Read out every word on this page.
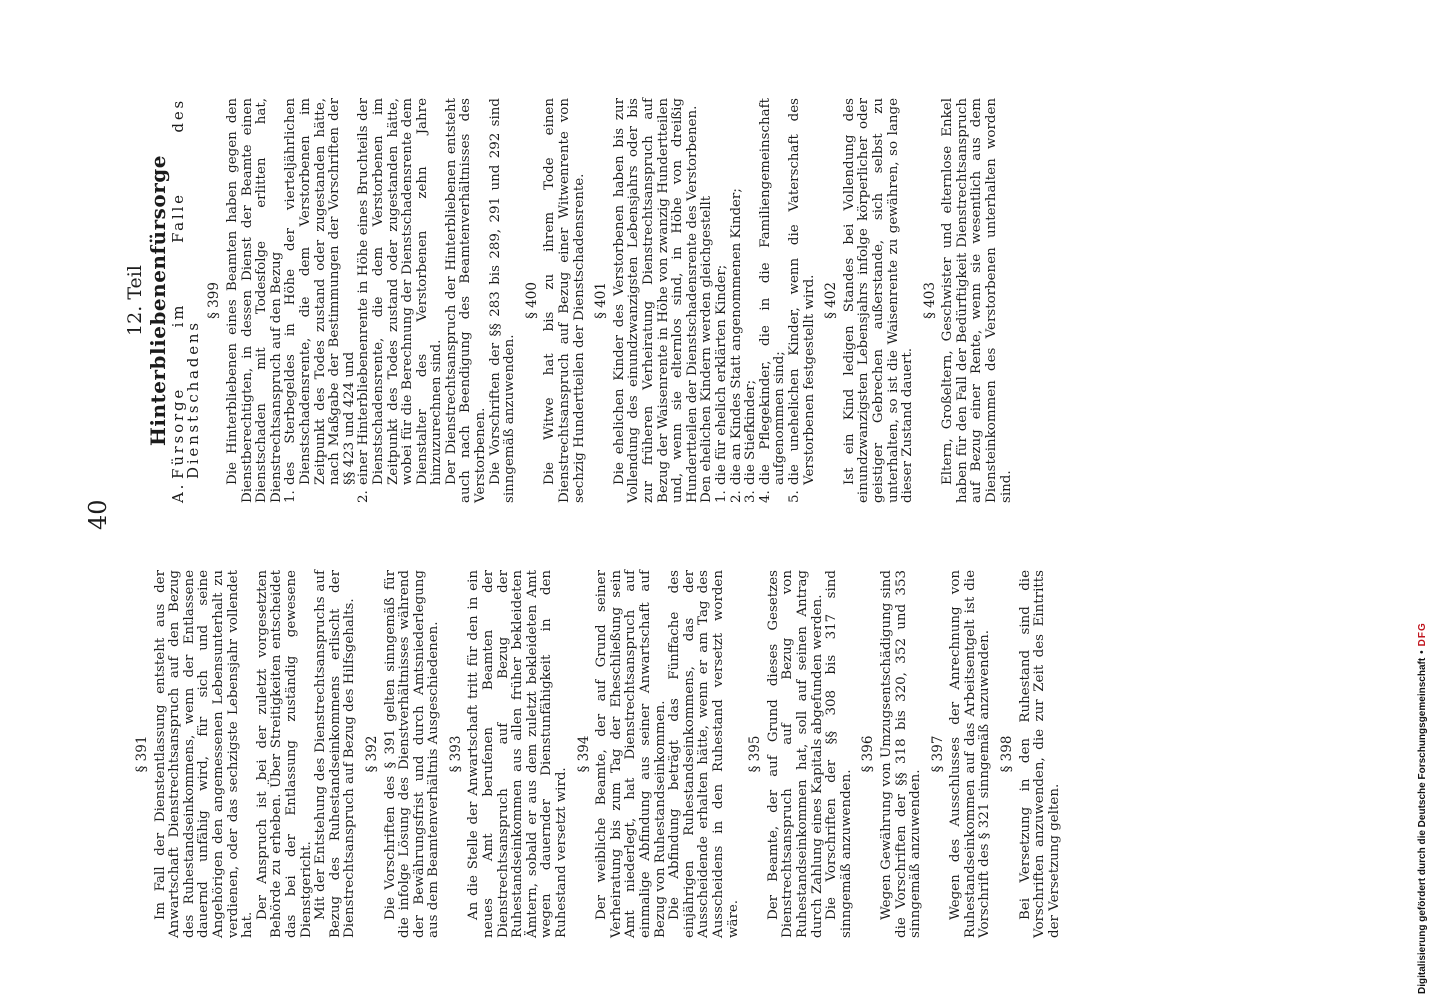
40
§ 391 Im Fall der Dienstentlassung entsteht aus der Anwartschaft Dienstrechtsanspruch auf den Bezug des Ruhestandseinkommens, wenn der Entlassene dauernd unfähig wird, für sich und seine Angehörigen den angemessenen Lebensunterhalt zu verdienen, oder das sechzigste Lebensjahr vollendet hat.

Der Anspruch ist bei der zuletzt vorgesetzten Behörde zu erheben. Über Streitigkeiten entscheidet das bei der Entlassung zuständig gewesene Dienstgericht. Mit der Entstehung des Dienstrechtsanspruchs auf Bezug des Ruhestandseinkommens erlischt der Dienstrechtsanspruch auf Bezug des Hilfsgehalts. § 392 Die Vorschriften des § 391 gelten sinngemäß für die infolge Lösung des Dienstverhältnisses während der Bewährungsfrist und durch Amtsniederlegung aus dem Beamtenverhältnis Ausgeschiedenen. § 393 An die Stelle der Anwartschaft tritt für den in ein neues Amt berufenen Beamten der Dienstrechtsanspruch auf Bezug der Ruhestandseinkommen aus allen früher bekleideten Ämtern, sobald er aus dem zuletzt bekleideten Amt wegen dauernder Dienstunfähigkeit in den Ruhestand versetzt wird.

§ 394 Der weibliche Beamte, der auf Grund seiner Verheiratung bis zum Tag der Eheschließung sein Amt niederlegt, hat Dienstrechtsanspruch auf einmalige Abfindung aus seiner Anwartschaft auf Bezug von Ruhestandseinkommen. Die Abfindung beträgt das Fünffache des einjährigen Ruhestandseinkommens, das der Ausscheidende erhalten hätte, wenn er am Tag des Ausscheidens in den Ruhestand versetzt worden wäre.

§ 395 Der Beamte, der auf Grund dieses Gesetzes Dienstrechtsanspruch auf Bezug von Ruhestandseinkommen hat, soll auf seinen Antrag durch Zahlung eines Kapitals abgefunden werden. Die Vorschriften der §§ 308 bis 317 sind sinngemäß anzuwenden.

§ 396 Wegen Gewährung von Umzugsentschädigung sind die Vorschriften der §§ 318 bis 320, 352 und 353 sinngemäß anzuwenden.

§ 397 Wegen des Ausschlusses der Anrechnung von Ruhestandseinkommen auf das Arbeitsentgelt ist die Vorschrift des § 321 sinngemäß anzuwenden. § 398 Bei Versetzung in den Ruhestand sind die Vorschriften anzuwenden, die zur Zeit des Eintritts der Versetzung gelten.

12. Teil Hinterbliebenenfürsorge
A.
Fürsorge im Falle des Dienstschadens
§ 399 Die Hinterbliebenen eines Beamten haben gegen den Dienstberechtigten, in dessen Dienst der Beamte einen Dienstschaden mit Todesfolge erlitten hat, Dienstrechtsanspruch auf den Bezug 1.
des Sterbegeldes in Höhe der vierteljährlichen Dienstschadensrente, die dem Verstorbenen im Zeitpunkt des Todes zustand oder zugestanden hätte, nach Maßgabe der Bestimmungen der Vorschriften der §§ 423 und 424 und
2.
einer Hinterbliebenenrente in Höhe eines Bruchteils der Dienstschadensrente, die dem Verstorbenen im Zeitpunkt des Todes zustand oder zugestanden hätte, wobei für die Berechnung der Dienstschadensrente dem Dienstalter des Verstorbenen zehn Jahre hinzuzurechnen sind. Der Dienstrechtsanspruch der Hinterbliebenen entsteht auch nach Beendigung des Beamtenverhältnisses des Verstorbenen. Die Vorschriften der §§ 283 bis 289, 291 und 292 sind sinngemäß anzuwenden.

§ 400 Die Witwe hat bis zu ihrem Tode einen Dienstrechtsanspruch auf Bezug einer Witwenrente von sechzig Hundertteilen der Dienstschadensrente. § 401 Die ehelichen Kinder des Verstorbenen haben bis zur Vollendung des einundzwanzigsten Lebensjahrs oder bis zur früheren Verheiratung Dienstrechtsanspruch auf Bezug der Waisenrente in Höhe von zwanzig Hundertteilen und, wenn sie elternlos sind, in Höhe von dreißig Hundertteilen der Dienstschadensrente des Verstorbenen. Den ehelichen Kindern werden gleichgestellt 1.
die für ehelich erklärten Kinder;
2.
die an Kindes Statt angenommenen Kinder;
3.
die Stiefkinder;
4.
die Pflegekinder, die in die Familiengemeinschaft aufgenommen sind;
5.
die unehelichen Kinder, wenn die Vaterschaft des Verstorbenen festgestellt wird. § 402 Ist ein Kind ledigen Standes bei Vollendung des einundzwanzigsten Lebensjahrs infolge körperlicher oder geistiger Gebrechen außerstande, sich selbst zu unterhalten, so ist die Waisenrente zu gewähren, so lange dieser Zustand dauert.

§ 403 Eltern, Großeltern, Geschwister und elternlose Enkel haben für den Fall der Bedürftigkeit Dienstrechtsanspruch auf Bezug einer Rente, wenn sie wesentlich aus dem Diensteinkommen des Verstorbenen unterhalten worden sind.

Digitalisierung gefördert durch die Deutsche Forschungsgemeinschaft
•
DFG
